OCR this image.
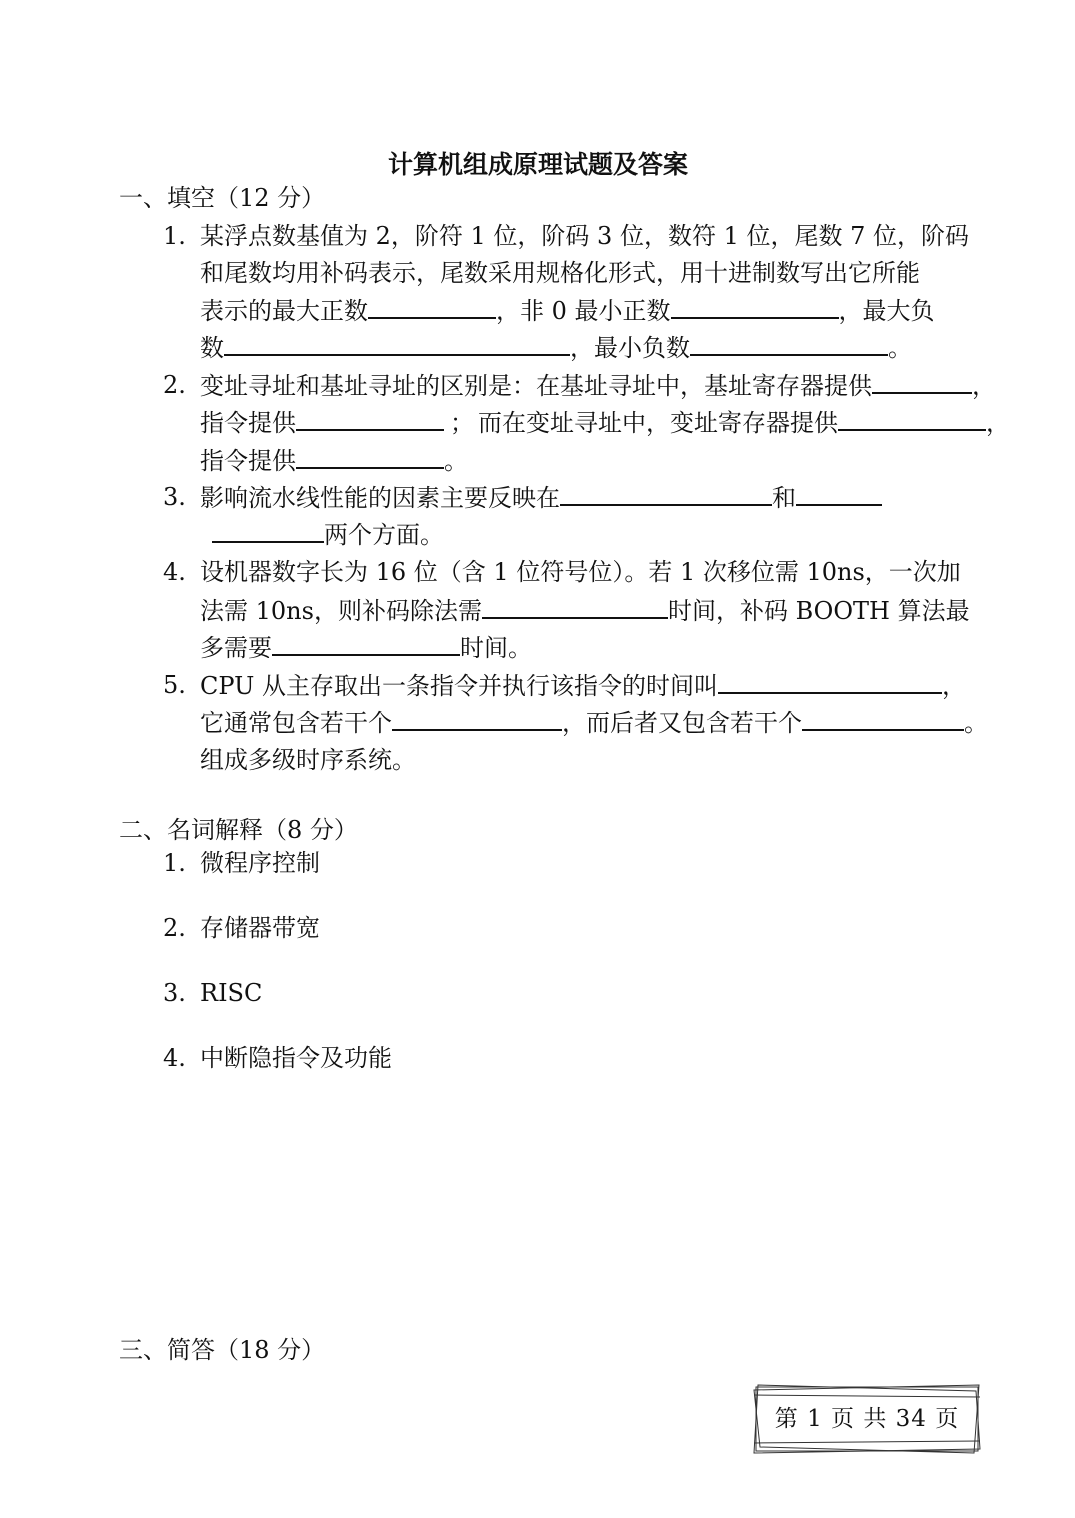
计算机组成原理试题及答案
一、填空（12 分）
1. 某浮点数基值为 2，阶符 1 位，阶码 3 位，数符 1 位，尾数 7 位，阶码
和尾数均用补码表示，尾数采用规格化形式，用十进制数写出它所能
表示的最大正数	，非 0 最小正数	，最大负
数	，最小负数	。
2. 变址寻址和基址寻址的区别是：在基址寻址中，基址寄存器提供	，
指令提供	； 而在变址寻址中，变址寄存器提供	，
指令提供	。
3. 影响流水线性能的因素主要反映在	和
两个方面。
4. 设机器数字长为 16 位（含 1 位符号位）。若 1 次移位需 10ns，一次加
法需 10ns，则补码除法需	时间，补码 BOOTH 算法最
多需要	时间。
5. CPU 从主存取出一条指令并执行该指令的时间叫	，
它通常包含若干个	，而后者又包含若干个	。
组成多级时序系统。
二、名词解释（8 分）
1. 微程序控制
2. 存储器带宽
3. RISC
4. 中断隐指令及功能
三、简答（18 分）
第 1 页 共 34 页
